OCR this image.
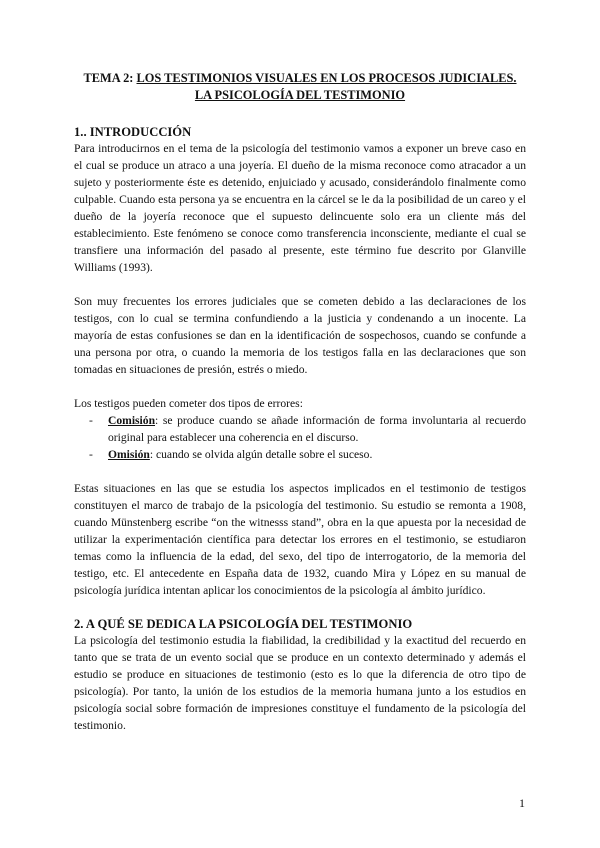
TEMA 2: LOS TESTIMONIOS VISUALES EN LOS PROCESOS JUDICIALES. LA PSICOLOGÍA DEL TESTIMONIO
1.. INTRODUCCIÓN

Para introducirnos en el tema de la psicología del testimonio vamos a exponer un breve caso en el cual se produce un atraco a una joyería. El dueño de la misma reconoce como atracador a un sujeto y posteriormente éste es detenido, enjuiciado y acusado, considerándolo finalmente como culpable. Cuando esta persona ya se encuentra en la cárcel se le da la posibilidad de un careo y el dueño de la joyería reconoce que el supuesto delincuente solo era un cliente más del establecimiento. Este fenómeno se conoce como transferencia inconsciente, mediante el cual se transfiere una información del pasado al presente, este término fue descrito por Glanville Williams (1993).

Son muy frecuentes los errores judiciales que se cometen debido a las declaraciones de los testigos, con lo cual se termina confundiendo a la justicia y condenando a un inocente. La mayoría de estas confusiones se dan en la identificación de sospechosos, cuando se confunde a una persona por otra, o cuando la memoria de los testigos falla en las declaraciones que son tomadas en situaciones de presión, estrés o miedo.

Los testigos pueden cometer dos tipos de errores:

- Comisión: se produce cuando se añade información de forma involuntaria al recuerdo original para establecer una coherencia en el discurso.
- Omisión: cuando se olvida algún detalle sobre el suceso.

Estas situaciones en las que se estudia los aspectos implicados en el testimonio de testigos constituyen el marco de trabajo de la psicología del testimonio. Su estudio se remonta a 1908, cuando Münstenberg escribe “on the witnesss stand”, obra en la que apuesta por la necesidad de utilizar la experimentación científica para detectar los errores en el testimonio, se estudiaron temas como la influencia de la edad, del sexo, del tipo de interrogatorio, de la memoria del testigo, etc. El antecedente en España data de 1932, cuando Mira y López en su manual de psicología jurídica intentan aplicar los conocimientos de la psicología al ámbito jurídico.

2. A QUÉ SE DEDICA LA PSICOLOGÍA DEL TESTIMONIO

La psicología del testimonio estudia la fiabilidad, la credibilidad y la exactitud del recuerdo en tanto que se trata de un evento social que se produce en un contexto determinado y además el estudio se produce en situaciones de testimonio (esto es lo que la diferencia de otro tipo de psicología). Por tanto, la unión de los estudios de la memoria humana junto a los estudios en psicología social sobre formación de impresiones constituye el fundamento de la psicología del testimonio.

1
